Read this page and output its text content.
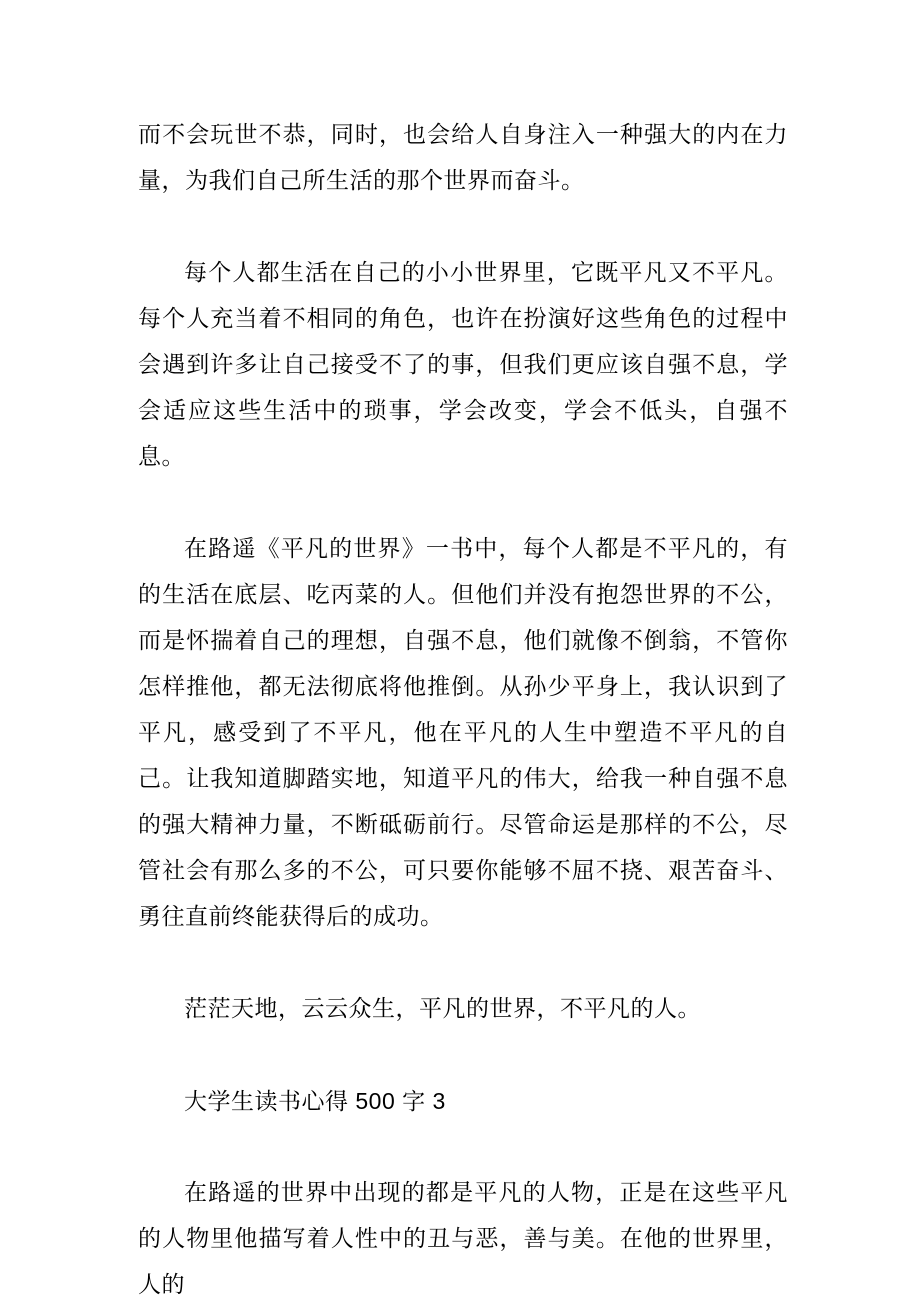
而不会玩世不恭，同时，也会给人自身注入一种强大的内在力量，为我们自己所生活的那个世界而奋斗。

每个人都生活在自己的小小世界里，它既平凡又不平凡。每个人充当着不相同的角色，也许在扮演好这些角色的过程中会遇到许多让自己接受不了的事，但我们更应该自强不息，学会适应这些生活中的琐事，学会改变，学会不低头，自强不息。

在路遥《平凡的世界》一书中，每个人都是不平凡的，有的生活在底层、吃丙菜的人。但他们并没有抱怨世界的不公，而是怀揣着自己的理想，自强不息，他们就像不倒翁，不管你怎样推他，都无法彻底将他推倒。从孙少平身上，我认识到了平凡，感受到了不平凡，他在平凡的人生中塑造不平凡的自己。让我知道脚踏实地，知道平凡的伟大，给我一种自强不息的强大精神力量，不断砥砺前行。尽管命运是那样的不公，尽管社会有那么多的不公，可只要你能够不屈不挠、艰苦奋斗、勇往直前终能获得后的成功。

茫茫天地，云云众生，平凡的世界，不平凡的人。

大学生读书心得 500 字 3

在路遥的世界中出现的都是平凡的人物，正是在这些平凡的人物里他描写着人性中的丑与恶，善与美。在他的世界里，人的
